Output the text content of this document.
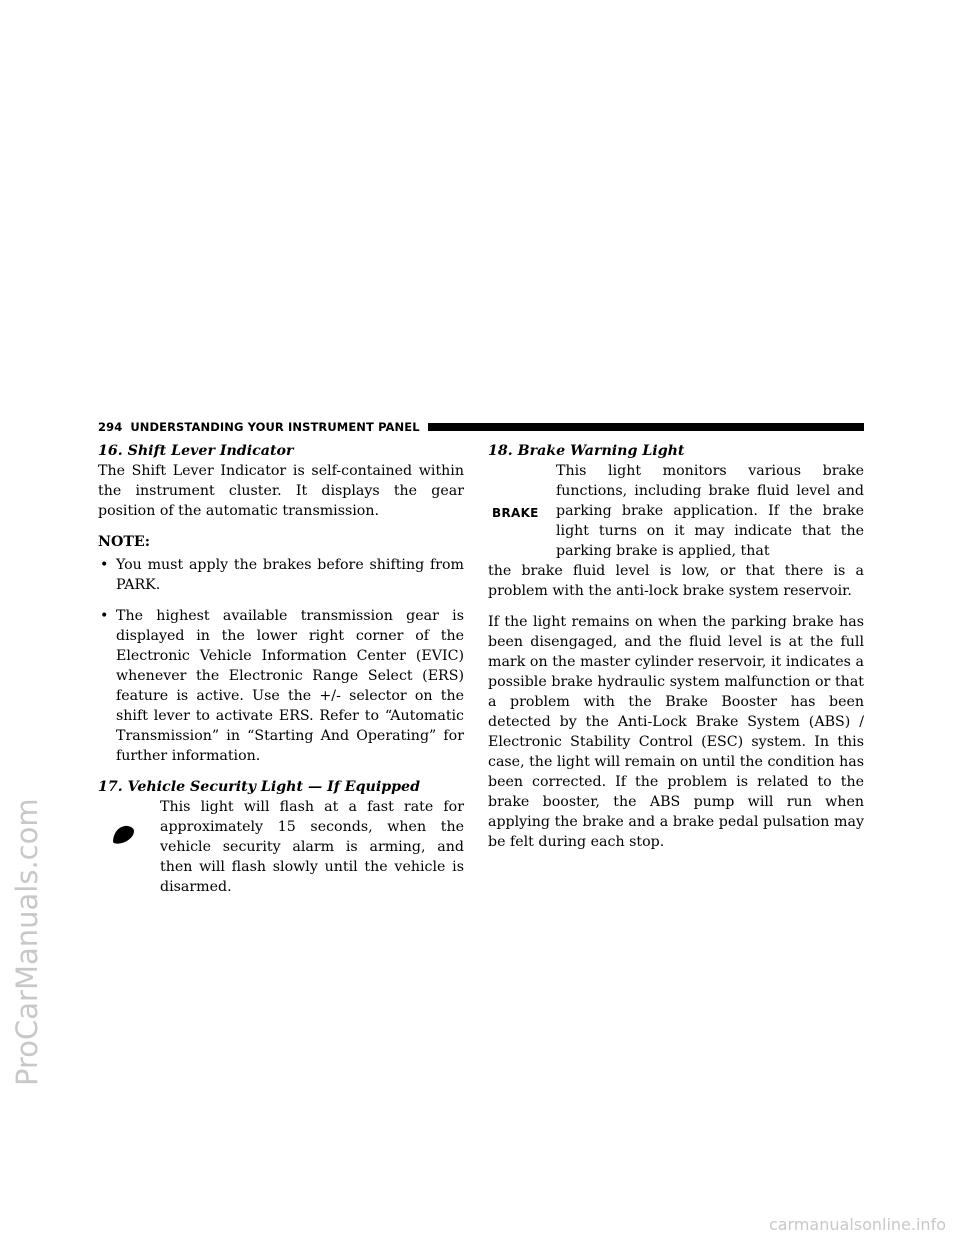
ProCarManuals.com
294 UNDERSTANDING YOUR INSTRUMENT PANEL

16. Shift Lever Indicator

The Shift Lever Indicator is self-contained within the instrument cluster. It displays the gear position of the automatic transmission.

NOTE:

• You must apply the brakes before shifting from PARK.
• The highest available transmission gear is displayed in the lower right corner of the Electronic Vehicle Information Center (EVIC) whenever the Electronic Range Select (ERS) feature is active. Use the +/- selector on the shift lever to activate ERS. Refer to “Automatic Transmission” in “Starting And Operating” for further information.

17. Vehicle Security Light — If Equipped

This light will flash at a fast rate for approximately 15 seconds, when the vehicle security alarm is arming, and then will flash slowly until the vehicle is disarmed.

18. Brake Warning Light

BRAKE

This light monitors various brake functions, including brake fluid level and parking brake application. If the brake light turns on it may indicate that the parking brake is applied, that

the brake fluid level is low, or that there is a problem with the anti-lock brake system reservoir.

If the light remains on when the parking brake has been disengaged, and the fluid level is at the full mark on the master cylinder reservoir, it indicates a possible brake hydraulic system malfunction or that a problem with the Brake Booster has been detected by the Anti-Lock Brake System (ABS) / Electronic Stability Control (ESC) system. In this case, the light will remain on until the condition has been corrected. If the problem is related to the brake booster, the ABS pump will run when applying the brake and a brake pedal pulsation may be felt during each stop.

carmanualsonline.info
